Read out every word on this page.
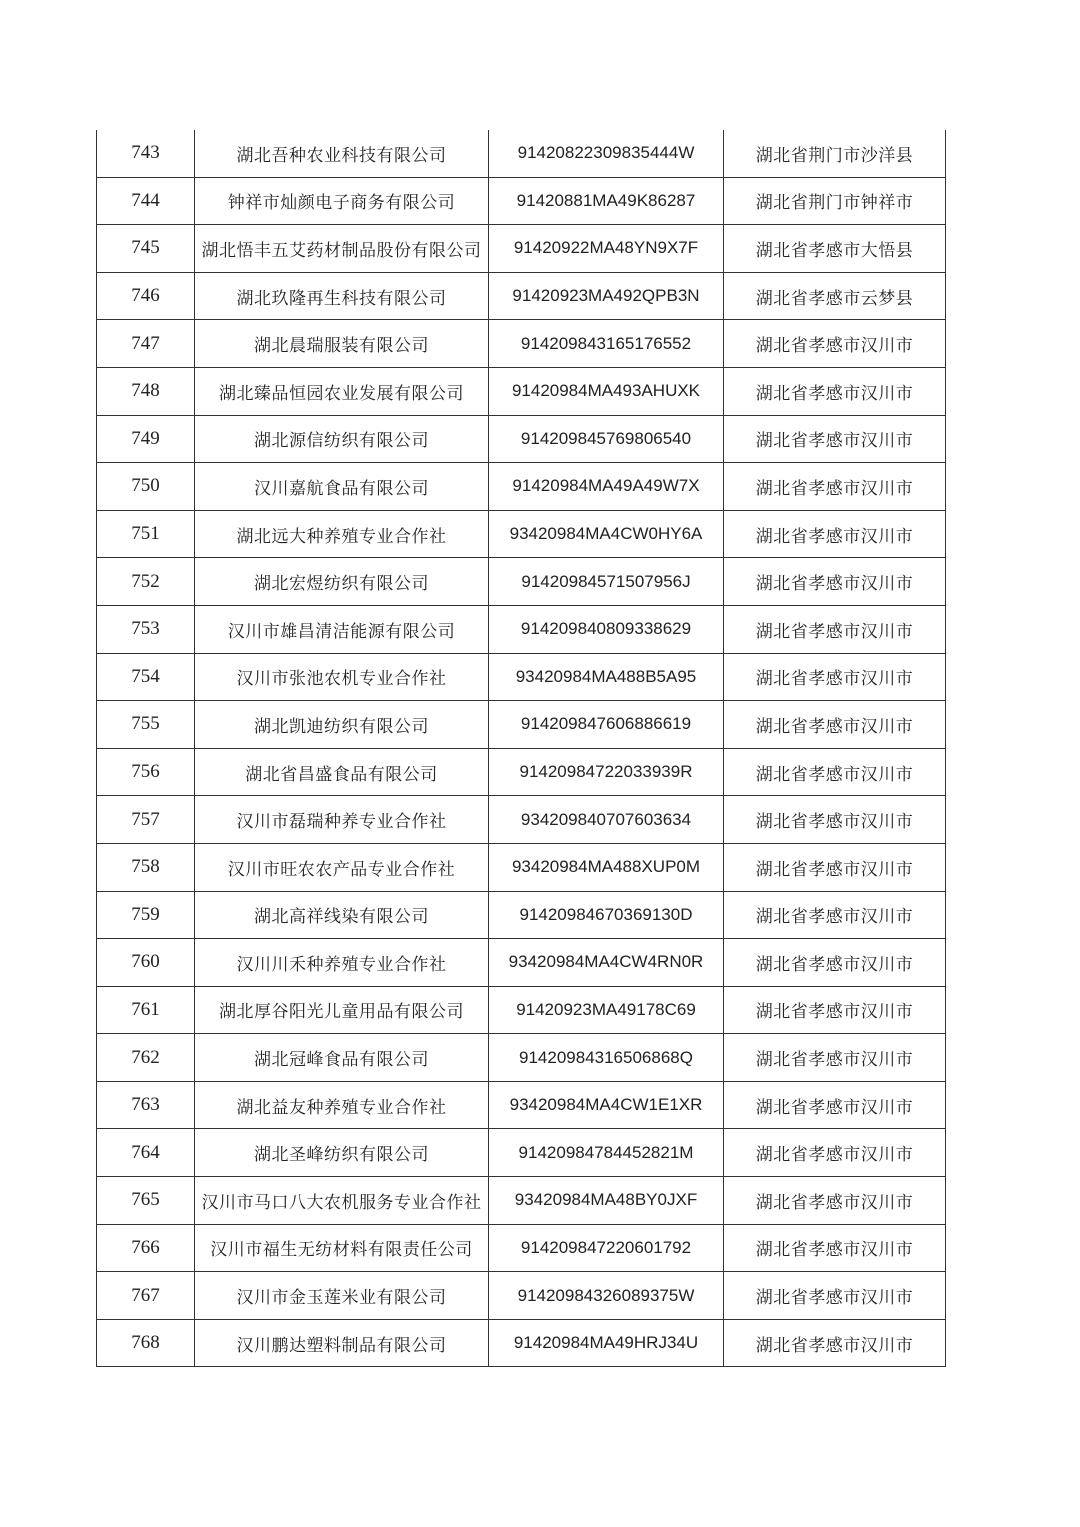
743	湖北吾种农业科技有限公司	91420822309835444W	湖北省荆门市沙洋县
744	钟祥市灿颜电子商务有限公司	91420881MA49K86287	湖北省荆门市钟祥市
745	湖北悟丰五艾药材制品股份有限公司	91420922MA48YN9X7F	湖北省孝感市大悟县
746	湖北玖隆再生科技有限公司	91420923MA492QPB3N	湖北省孝感市云梦县
747	湖北晨瑞服装有限公司	914209843165176552	湖北省孝感市汉川市
748	湖北臻品恒园农业发展有限公司	91420984MA493AHUXK	湖北省孝感市汉川市
749	湖北源信纺织有限公司	914209845769806540	湖北省孝感市汉川市
750	汉川嘉航食品有限公司	91420984MA49A49W7X	湖北省孝感市汉川市
751	湖北远大种养殖专业合作社	93420984MA4CW0HY6A	湖北省孝感市汉川市
752	湖北宏煜纺织有限公司	91420984571507956J	湖北省孝感市汉川市
753	汉川市雄昌清洁能源有限公司	914209840809338629	湖北省孝感市汉川市
754	汉川市张池农机专业合作社	93420984MA488B5A95	湖北省孝感市汉川市
755	湖北凯迪纺织有限公司	914209847606886619	湖北省孝感市汉川市
756	湖北省昌盛食品有限公司	91420984722033939R	湖北省孝感市汉川市
757	汉川市磊瑞种养专业合作社	934209840707603634	湖北省孝感市汉川市
758	汉川市旺农农产品专业合作社	93420984MA488XUP0M	湖北省孝感市汉川市
759	湖北高祥线染有限公司	91420984670369130D	湖北省孝感市汉川市
760	汉川川禾种养殖专业合作社	93420984MA4CW4RN0R	湖北省孝感市汉川市
761	湖北厚谷阳光儿童用品有限公司	91420923MA49178C69	湖北省孝感市汉川市
762	湖北冠峰食品有限公司	91420984316506868Q	湖北省孝感市汉川市
763	湖北益友种养殖专业合作社	93420984MA4CW1E1XR	湖北省孝感市汉川市
764	湖北圣峰纺织有限公司	91420984784452821M	湖北省孝感市汉川市
765	汉川市马口八大农机服务专业合作社	93420984MA48BY0JXF	湖北省孝感市汉川市
766	汉川市福生无纺材料有限责任公司	914209847220601792	湖北省孝感市汉川市
767	汉川市金玉莲米业有限公司	91420984326089375W	湖北省孝感市汉川市
768	汉川鹏达塑料制品有限公司	91420984MA49HRJ34U	湖北省孝感市汉川市
